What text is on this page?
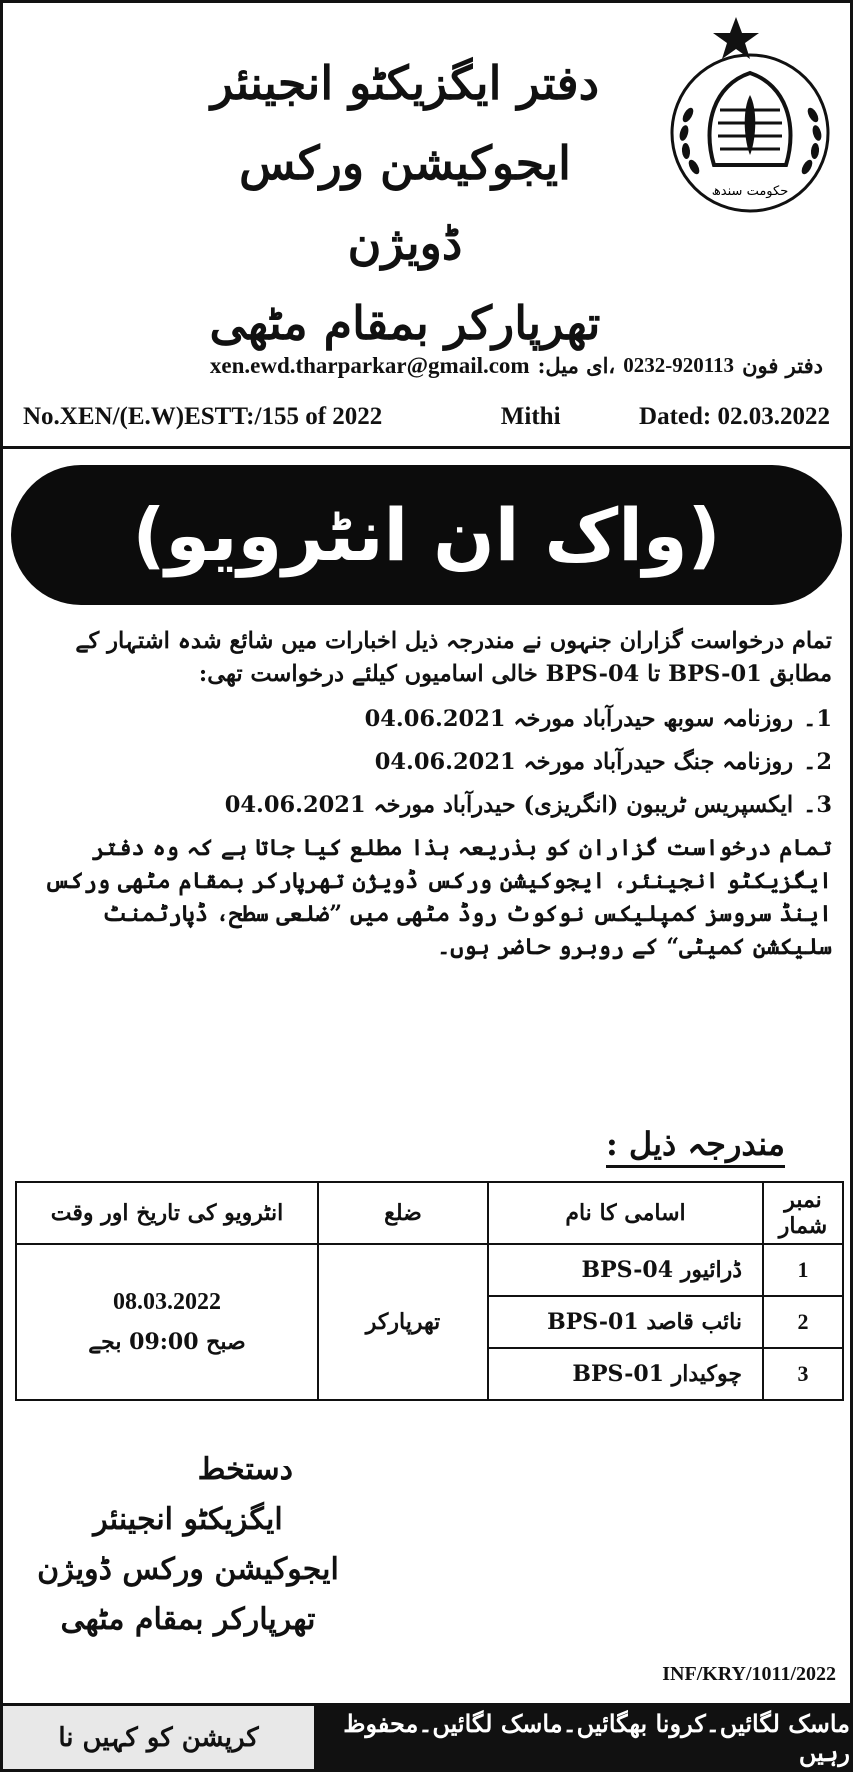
دفتر ایگزیکٹو انجینئر
ایجوکیشن ورکس ڈویژن
تھرپارکر بمقام مٹھی
حکومت سندھ
دفتر فون
0232-920113
،ای میل:
xen.ewd.tharparkar@gmail.com
No.XEN/(E.W)ESTT:/155 of 2022	Mithi	Dated: 02.03.2022
(واک ان انٹرویو)

تمام درخواست گزاران جنہوں نے مندرجہ ذیل اخبارات میں شائع شدہ اشتہار کے مطابق BPS-01 تا BPS-04 خالی اسامیوں کیلئے درخواست تھی:

1۔
روزنامہ سوبھ حیدرآباد مورخہ 04.06.2021
2۔
روزنامہ جنگ حیدرآباد مورخہ 04.06.2021
3۔
ایکسپریس ٹریبون (انگریزی) حیدرآباد مورخہ 04.06.2021

تمام درخواست گزاران کو بذریعہ ہذا مطلع کیا جاتا ہے کہ وہ دفتر ایگزیکٹو انجینئر، ایجوکیشن ورکس ڈویژن تھرپارکر بمقام مٹھی ورکس اینڈ سروسز کمپلیکس نوکوٹ روڈ مٹھی میں ”ضلعی سطح، ڈپارٹمنٹ سلیکشن کمیٹی“ کے روبرو حاضر ہوں۔

مندرجہ ذیل :
نمبر شمار	اسامی کا نام	ضلع	انٹرویو کی تاریخ اور وقت
1	ڈرائیور BPS-04	تھرپارکر	08.03.2022
صبح 09:00 بجے

2	نائب قاصد BPS-01		
3	چوکیدار BPS-01		
دستخط
ایگزیکٹو انجینئر
ایجوکیشن ورکس ڈویژن
تھرپارکر بمقام مٹھی
INF/KRY/1011/2022
ماسک لگائیں۔کرونا بھگائیں۔ماسک لگائیں۔محفوظ رہیں
کرپشن کو کہیں نا
